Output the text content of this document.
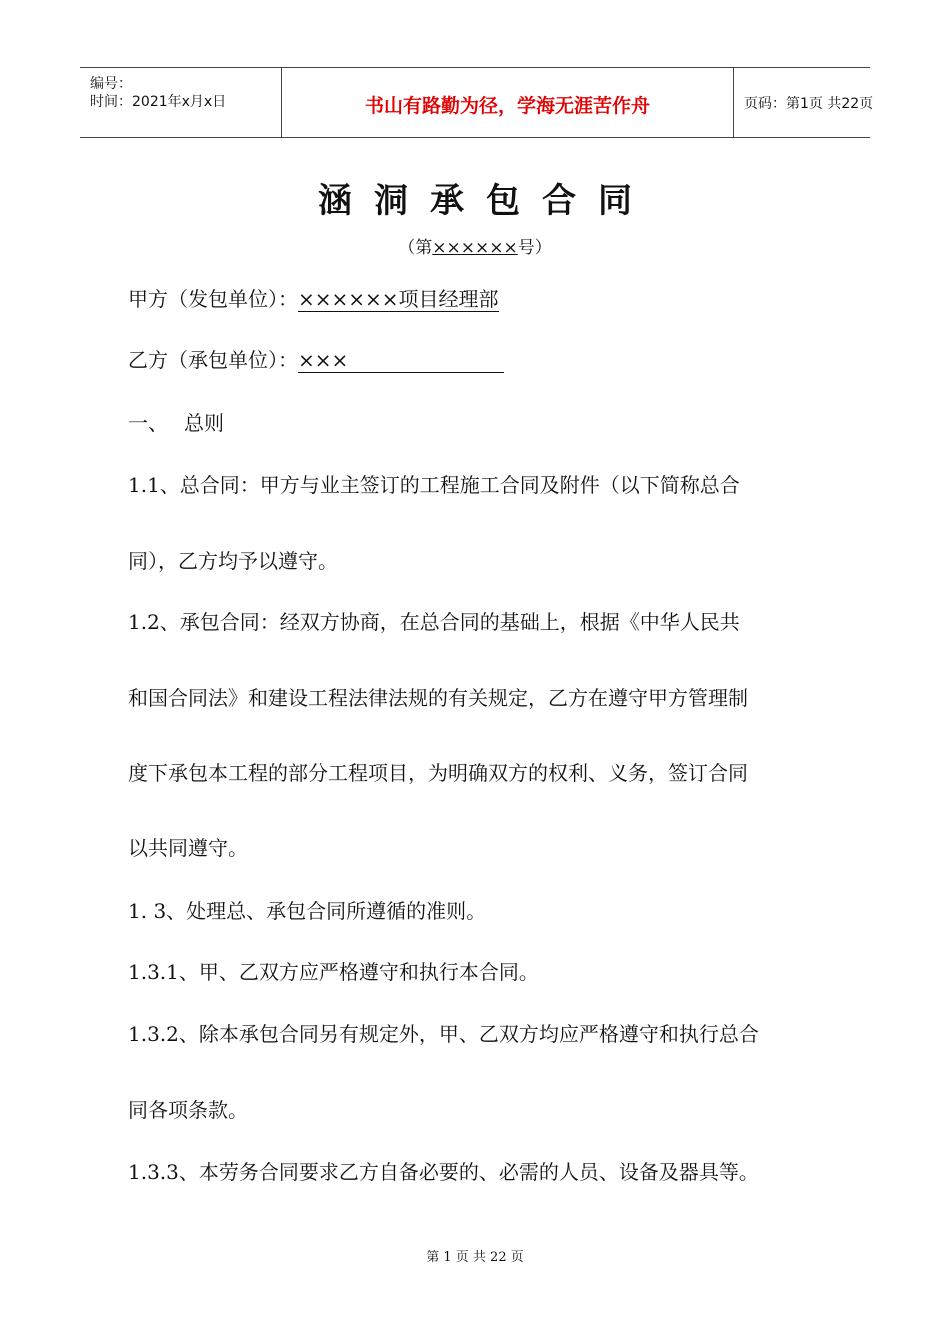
编号：
时间：2021年x月x日	书山有路勤为径，学海无涯苦作舟	页码：第1页 共22页
涵洞承包合同
（第××××××号）
甲方（发包单位）：××××××项目经理部
乙方（承包单位）：×××
一、 总则
1.1、总合同：甲方与业主签订的工程施工合同及附件（以下简称总合
同），乙方均予以遵守。
1.2、承包合同：经双方协商，在总合同的基础上，根据《中华人民共
和国合同法》和建设工程法律法规的有关规定，乙方在遵守甲方管理制
度下承包本工程的部分工程项目，为明确双方的权利、义务，签订合同
以共同遵守。
1. 3、处理总、承包合同所遵循的准则。
1.3.1、甲、乙双方应严格遵守和执行本合同。
1.3.2、除本承包合同另有规定外，甲、乙双方均应严格遵守和执行总合
同各项条款。
1.3.3、本劳务合同要求乙方自备必要的、必需的人员、设备及器具等。
第 1 页 共 22 页
